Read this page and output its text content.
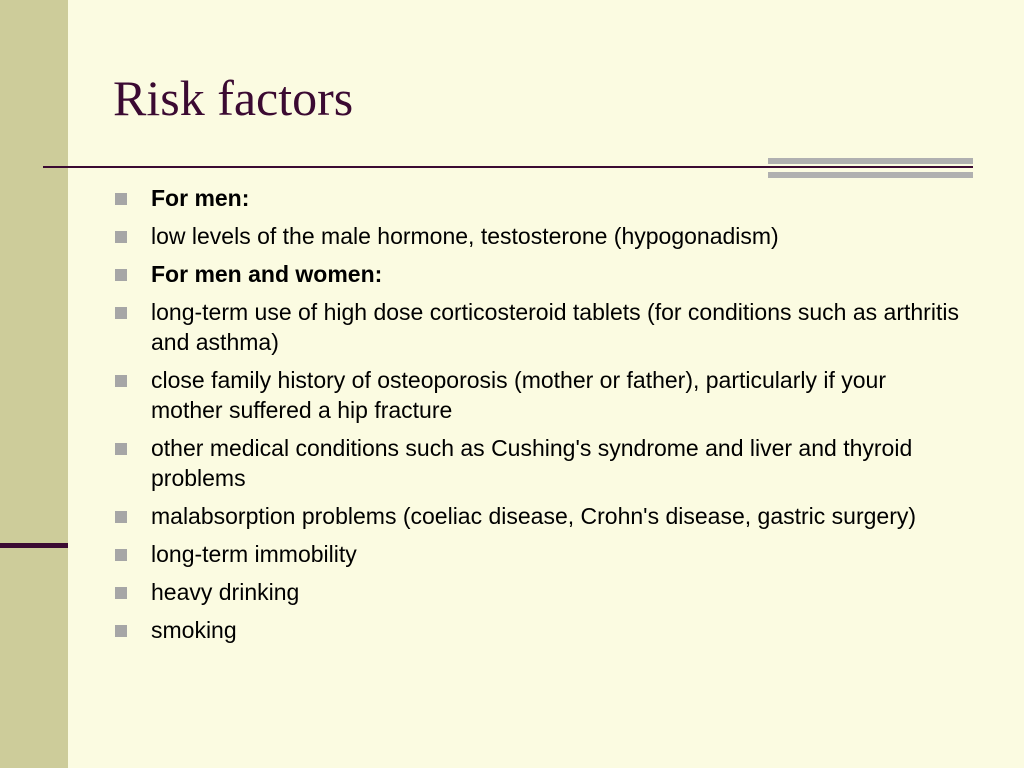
Risk factors
For men:
low levels of the male hormone, testosterone (hypogonadism)
For men and women:
long-term use of high dose corticosteroid tablets (for conditions such as arthritis and asthma)
close family history of osteoporosis (mother or father), particularly if your mother suffered a hip fracture
other medical conditions such as Cushing's syndrome and liver and thyroid problems
malabsorption problems (coeliac disease, Crohn's disease, gastric surgery)
long-term immobility
heavy drinking
smoking
